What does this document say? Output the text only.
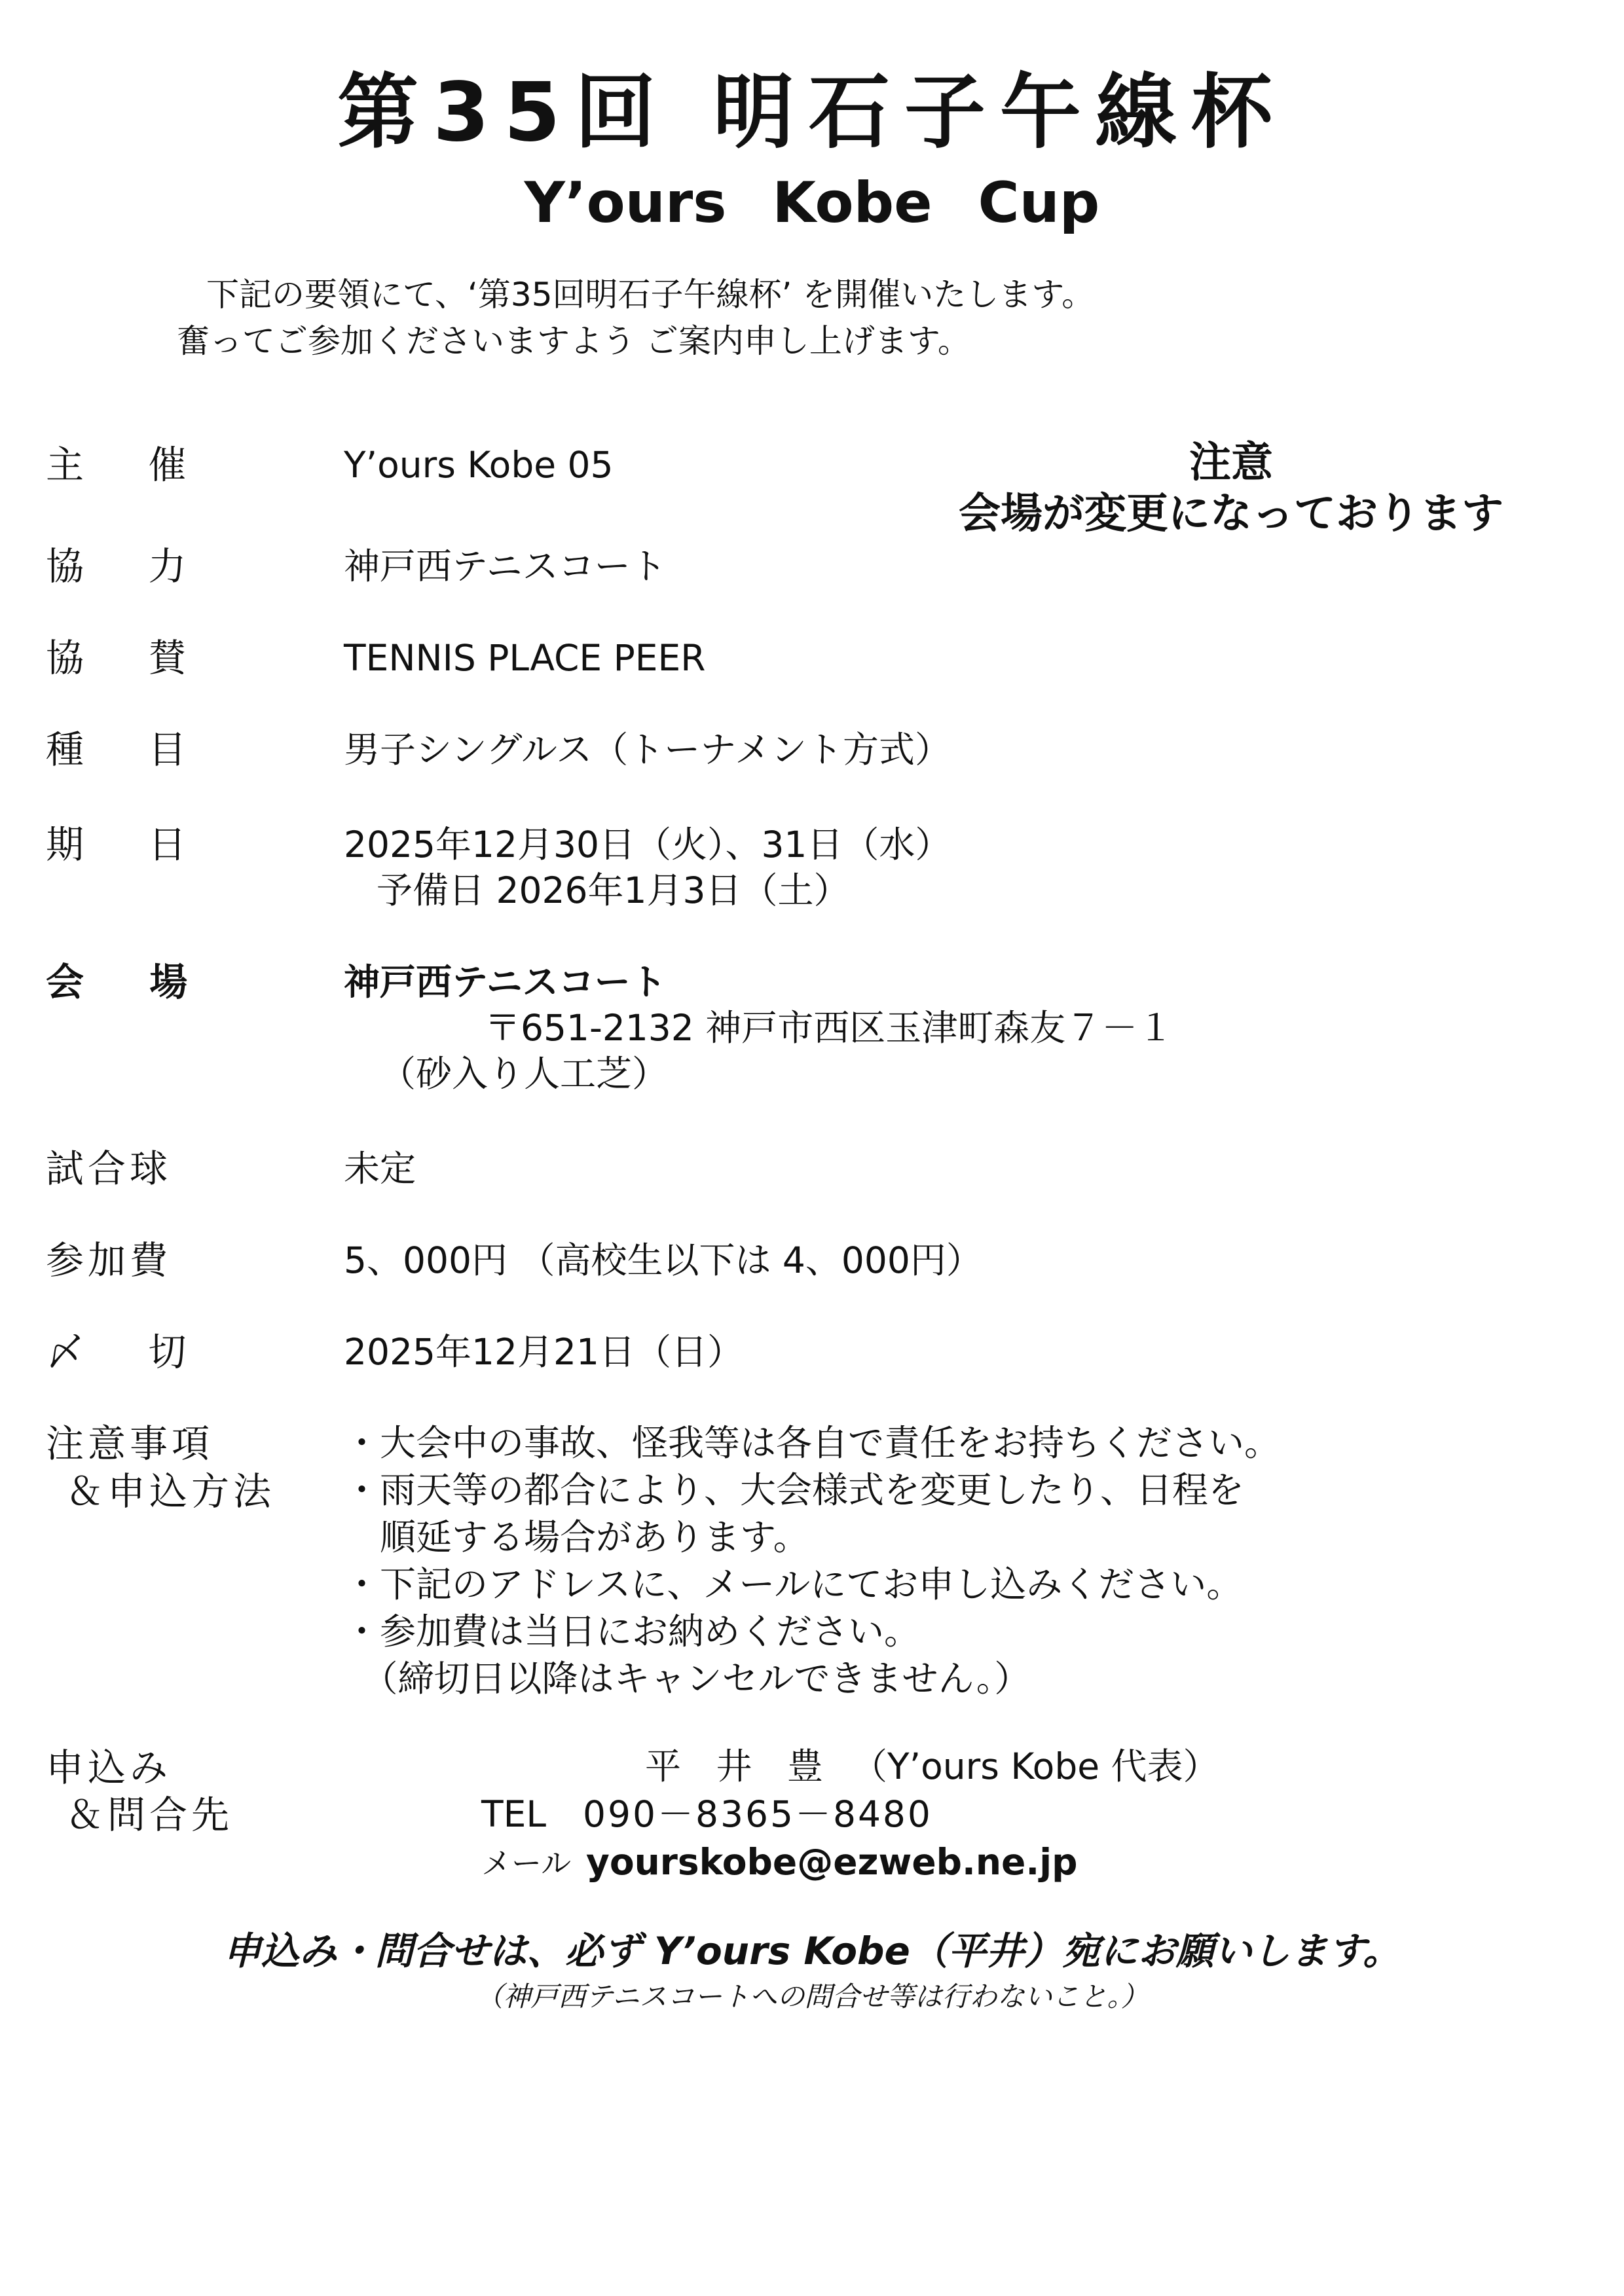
第35回 明石子午線杯
Y’ours Kobe Cup
下記の要領にて、‘第35回明石子午線杯’ を開催いたします。
奮ってご参加くださいますよう ご案内申し上げます。
注意
会場が変更になっております
主 催	Y’ours Kobe 05
協 力	神戸西テニスコート
協 賛	TENNIS PLACE PEER
種 目	男子シングルス（トーナメント方式）
期 日	2025年12月30日（火）、31日（水）
予備日 2026年1月3日（土）
会 場	神戸西テニスコート
〒651-2132 神戸市西区玉津町森友７－１
（砂入り人工芝）
試合球	未定
参加費	5、000円 （高校生以下は 4、000円）
〆 切	2025年12月21日（日）
注意事項
＆申込方法
・大会中の事故、怪我等は各自で責任をお持ちください。
・雨天等の都合により、大会様式を変更したり、日程を
　順延する場合があります。
・下記のアドレスに、メールにてお申し込みください。
・参加費は当日にお納めください。
　（締切日以降はキャンセルできません。）
申込み
＆問合先
平 井 豊 （Y’ours Kobe 代表）
TEL 090－8365－8480
メール yourskobe@ezweb.ne.jp
申込み・問合せは、必ず Y’ours Kobe（平井）宛にお願いします。
（神戸西テニスコートへの問合せ等は行わないこと。）
